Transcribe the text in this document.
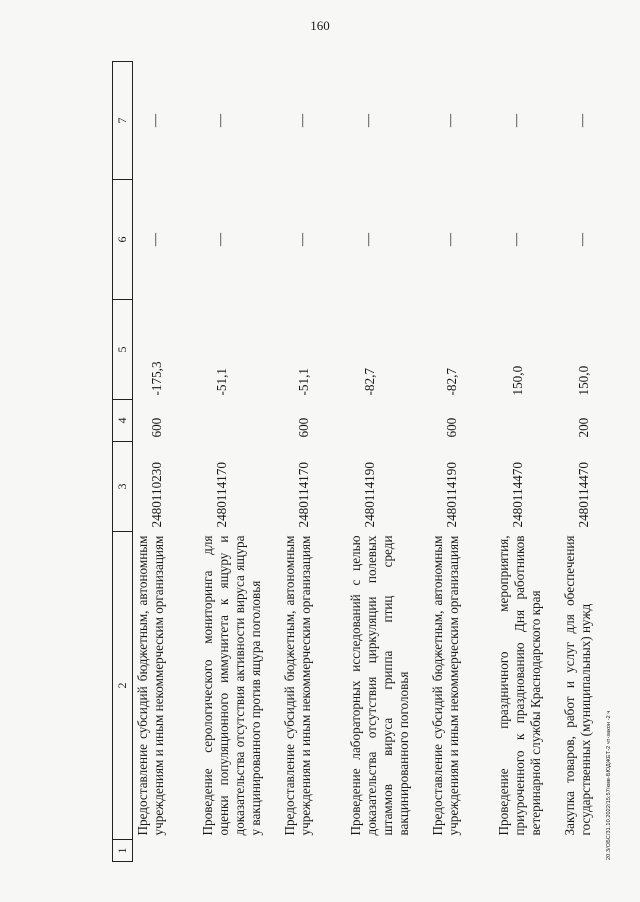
160
1	2	3	4	5	6	7
	Предоставление субсидий бюджетным, автономным учреждениям и иным некоммерческим организациям	2480110230	600	-175,3	—	—
	Проведение серологического мониторинга для оценки популяционного иммунитета к ящуру и доказательства отсутствия активности вируса ящура у вакцинированного против ящура поголовья	2480114170		-51,1	—	—
	Предоставление субсидий бюджетным, автономным учреждениям и иным некоммерческим организациям	2480114170	600	-51,1	—	—
	Проведение лабораторных исследований с целью доказательства отсутствия циркуляции полевых штаммов вируса гриппа птиц среди вакцинированного поголовья	2480114190		-82,7	—	—
	Предоставление субсидий бюджетным, автономным учреждениям и иным некоммерческим организациям	2480114190	600	-82,7	—	—
	Проведение праздничного мероприятия, приуроченного к празднованию Дня работников ветеринарной службы Краснодарского края	2480114470		150,0	—	—
	Закупка товаров, работ и услуг для обеспечения государственных (муниципальных) нужд	2480114470	200	150,0	—	—
20.3/ОБС/31.10.2022/15:57/кмв-БЮДЖЕТ-2 чт-закон -2 ч
